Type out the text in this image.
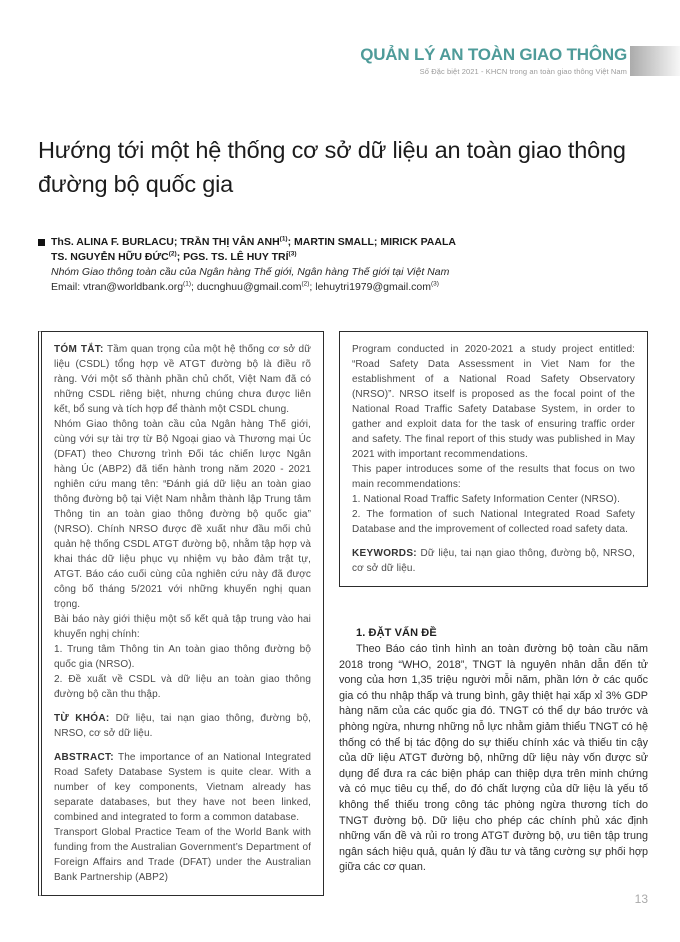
QUẢN LÝ AN TOÀN GIAO THÔNG
Số Đặc biệt 2021 - KHCN trong an toàn giao thông Việt Nam
Hướng tới một hệ thống cơ sở dữ liệu an toàn giao thông đường bộ quốc gia
ThS. ALINA F. BURLACU; TRẦN THỊ VÂN ANH$^{(1)}$; MARTIN SMALL; MIRICK PAALA
TS. NGUYỄN HỮU ĐỨC$^{(2)}$; PGS. TS. LÊ HUY TRÍ$^{(3)}$
Nhóm Giao thông toàn cầu của Ngân hàng Thế giới, Ngân hàng Thế giới tại Việt Nam
Email: vtran@worldbank.org$^{(1)}$; ducnghuu@gmail.com$^{(2)}$; lehuytri1979@gmail.com$^{(3)}$

TÓM TẮT: Tầm quan trọng của một hệ thống cơ sở dữ liệu (CSDL) tổng hợp về ATGT đường bộ là điều rõ ràng. Với một số thành phần chủ chốt, Việt Nam đã có những CSDL riêng biệt, nhưng chúng chưa được liên kết, bổ sung và tích hợp để thành một CSDL chung.

Nhóm Giao thông toàn cầu của Ngân hàng Thế giới, cùng với sự tài trợ từ Bộ Ngoại giao và Thương mại Úc (DFAT) theo Chương trình Đối tác chiến lược Ngân hàng Úc (ABP2) đã tiến hành trong năm 2020 - 2021 nghiên cứu mang tên: “Đánh giá dữ liệu an toàn giao thông đường bộ tại Việt Nam nhằm thành lập Trung tâm Thông tin an toàn giao thông đường bộ quốc gia” (NRSO). Chính NRSO được đề xuất như đầu mối chủ quản hệ thống CSDL ATGT đường bộ, nhằm tập hợp và khai thác dữ liệu phục vụ nhiệm vụ bảo đảm trật tự, ATGT. Báo cáo cuối cùng của nghiên cứu này đã được công bố tháng 5/2021 với những khuyến nghị quan trọng.

Bài báo này giới thiệu một số kết quả tập trung vào hai khuyến nghị chính:

1. Trung tâm Thông tin An toàn giao thông đường bộ quốc gia (NRSO).

2. Đề xuất về CSDL và dữ liệu an toàn giao thông đường bộ cần thu thập.

TỪ KHÓA: Dữ liệu, tai nạn giao thông, đường bộ, NRSO, cơ sở dữ liệu.

ABSTRACT: The importance of an National Integrated Road Safety Database System is quite clear. With a number of key components, Vietnam already has separate databases, but they have not been linked, combined and integrated to form a common database.

Transport Global Practice Team of the World Bank with funding from the Australian Government’s Department of Foreign Affairs and Trade (DFAT) under the Australian Bank Partnership (ABP2)

Program conducted in 2020-2021 a study project entitled: “Road Safety Data Assessment in Viet Nam for the establishment of a National Road Safety Observatory (NRSO)”. NRSO itself is proposed as the focal point of the National Road Traffic Safety Database System, in order to gather and exploit data for the task of ensuring traffic order and safety. The final report of this study was published in May 2021 with important recommendations.

This paper introduces some of the results that focus on two main recommendations:

1. National Road Traffic Safety Information Center (NRSO).

2. The formation of such National Integrated Road Safety Database and the improvement of collected road safety data.

KEYWORDS: Dữ liệu, tai nạn giao thông, đường bộ, NRSO, cơ sở dữ liệu.

1. ĐẶT VẤN ĐỀ

Theo Báo cáo tình hình an toàn đường bộ toàn cầu năm 2018 trong “WHO, 2018”, TNGT là nguyên nhân dẫn đến tử vong của hơn 1,35 triệu người mỗi năm, phần lớn ở các quốc gia có thu nhập thấp và trung bình, gây thiệt hại xấp xỉ 3% GDP hàng năm của các quốc gia đó. TNGT có thể dự báo trước và phòng ngừa, nhưng những nỗ lực nhằm giảm thiểu TNGT có hệ thống có thể bị tác động do sự thiếu chính xác và thiếu tin cậy của dữ liệu ATGT đường bộ, những dữ liệu này vốn được sử dụng để đưa ra các biện pháp can thiệp dựa trên minh chứng và có mục tiêu cụ thể, do đó chất lượng của dữ liệu là yếu tố không thể thiếu trong công tác phòng ngừa thương tích do TNGT đường bộ. Dữ liệu cho phép các chính phủ xác định những vấn đề và rủi ro trong ATGT đường bộ, ưu tiên tập trung ngân sách hiệu quả, quản lý đầu tư và tăng cường sự phối hợp giữa các cơ quan.

13
